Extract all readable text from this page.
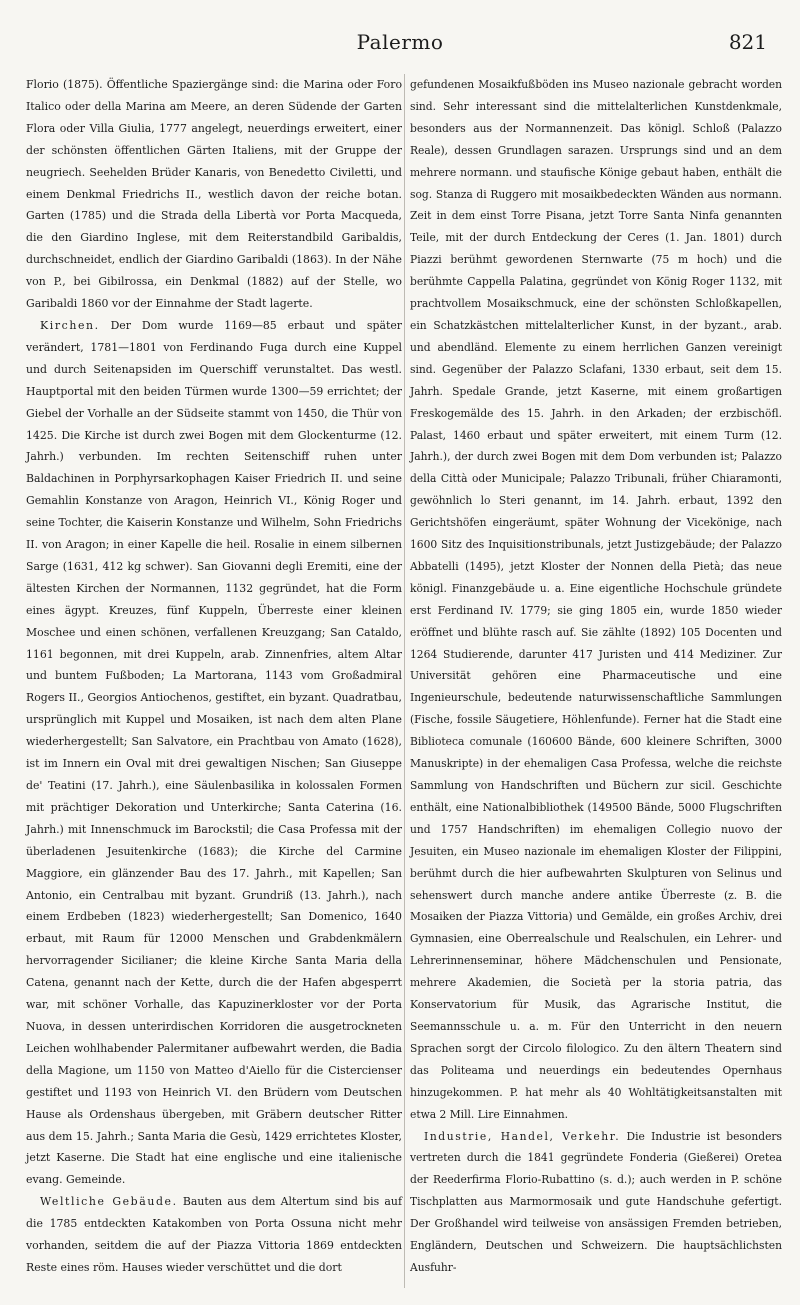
Palermo	821

Florio (1875). Öffentliche Spaziergänge sind: die Marina oder Foro Italico oder della Marina am Meere, an deren Südende der Garten Flora oder Villa Giulia, 1777 angelegt, neuerdings erweitert, einer der schönsten öffentlichen Gärten Italiens, mit der Gruppe der neugriech. Seehelden Brüder Kanaris, von Benedetto Civiletti, und einem Denkmal Friedrichs II., westlich davon der reiche botan. Garten (1785) und die Strada della Libertà vor Porta Macqueda, die den Giardino Inglese, mit dem Reiterstandbild Garibaldis, durchschneidet, endlich der Giardino Garibaldi (1863). In der Nähe von P., bei Gibilrossa, ein Denkmal (1882) auf der Stelle, wo Garibaldi 1860 vor der Einnahme der Stadt lagerte.

Kirchen. Der Dom wurde 1169—85 erbaut und später verändert, 1781—1801 von Ferdinando Fuga durch eine Kuppel und durch Seitenapsiden im Querschiff verunstaltet. Das westl. Hauptportal mit den beiden Türmen wurde 1300—59 errichtet; der Giebel der Vorhalle an der Südseite stammt von 1450, die Thür von 1425. Die Kirche ist durch zwei Bogen mit dem Glockenturme (12. Jahrh.) verbunden. Im rechten Seitenschiff ruhen unter Baldachinen in Porphyrsarkophagen Kaiser Friedrich II. und seine Gemahlin Konstanze von Aragon, Heinrich VI., König Roger und seine Tochter, die Kaiserin Konstanze und Wilhelm, Sohn Friedrichs II. von Aragon; in einer Kapelle die heil. Rosalie in einem silbernen Sarge (1631, 412 kg schwer). San Giovanni degli Eremiti, eine der ältesten Kirchen der Normannen, 1132 gegründet, hat die Form eines ägypt. Kreuzes, fünf Kuppeln, Überreste einer kleinen Moschee und einen schönen, verfallenen Kreuzgang; San Cataldo, 1161 begonnen, mit drei Kuppeln, arab. Zinnenfries, altem Altar und buntem Fußboden; La Martorana, 1143 vom Großadmiral Rogers II., Georgios Antiochenos, gestiftet, ein byzant. Quadratbau, ursprünglich mit Kuppel und Mosaiken, ist nach dem alten Plane wiederhergestellt; San Salvatore, ein Prachtbau von Amato (1628), ist im Innern ein Oval mit drei gewaltigen Nischen; San Giuseppe de' Teatini (17. Jahrh.), eine Säulenbasilika in kolossalen Formen mit prächtiger Dekoration und Unterkirche; Santa Caterina (16. Jahrh.) mit Innenschmuck im Barockstil; die Casa Professa mit der überladenen Jesuitenkirche (1683); die Kirche del Carmine Maggiore, ein glänzender Bau des 17. Jahrh., mit Kapellen; San Antonio, ein Centralbau mit byzant. Grundriß (13. Jahrh.), nach einem Erdbeben (1823) wiederhergestellt; San Domenico, 1640 erbaut, mit Raum für 12000 Menschen und Grabdenkmälern hervorragender Sicilianer; die kleine Kirche Santa Maria della Catena, genannt nach der Kette, durch die der Hafen abgesperrt war, mit schöner Vorhalle, das Kapuzinerkloster vor der Porta Nuova, in dessen unterirdischen Korridoren die ausgetrockneten Leichen wohlhabender Palermitaner aufbewahrt werden, die Badia della Magione, um 1150 von Matteo d'Aiello für die Cistercienser gestiftet und 1193 von Heinrich VI. den Brüdern vom Deutschen Hause als Ordenshaus übergeben, mit Gräbern deutscher Ritter aus dem 15. Jahrh.; Santa Maria die Gesù, 1429 errichtetes Kloster, jetzt Kaserne. Die Stadt hat eine englische und eine italienische evang. Gemeinde.

Weltliche Gebäude. Bauten aus dem Altertum sind bis auf die 1785 entdeckten Katakomben von Porta Ossuna nicht mehr vorhanden, seitdem die auf der Piazza Vittoria 1869 entdeckten Reste eines röm. Hauses wieder verschüttet und die dort

gefundenen Mosaikfußböden ins Museo nazionale gebracht worden sind. Sehr interessant sind die mittelalterlichen Kunstdenkmale, besonders aus der Normannenzeit. Das königl. Schloß (Palazzo Reale), dessen Grundlagen sarazen. Ursprungs sind und an dem mehrere normann. und staufische Könige gebaut haben, enthält die sog. Stanza di Ruggero mit mosaikbedeckten Wänden aus normann. Zeit in dem einst Torre Pisana, jetzt Torre Santa Ninfa genannten Teile, mit der durch Entdeckung der Ceres (1. Jan. 1801) durch Piazzi berühmt gewordenen Sternwarte (75 m hoch) und die berühmte Cappella Palatina, gegründet von König Roger 1132, mit prachtvollem Mosaikschmuck, eine der schönsten Schloßkapellen, ein Schatzkästchen mittelalterlicher Kunst, in der byzant., arab. und abendländ. Elemente zu einem herrlichen Ganzen vereinigt sind. Gegenüber der Palazzo Sclafani, 1330 erbaut, seit dem 15. Jahrh. Spedale Grande, jetzt Kaserne, mit einem großartigen Freskogemälde des 15. Jahrh. in den Arkaden; der erzbischöfl. Palast, 1460 erbaut und später erweitert, mit einem Turm (12. Jahrh.), der durch zwei Bogen mit dem Dom verbunden ist; Palazzo della Città oder Municipale; Palazzo Tribunali, früher Chiaramonti, gewöhnlich lo Steri genannt, im 14. Jahrh. erbaut, 1392 den Gerichtshöfen eingeräumt, später Wohnung der Vicekönige, nach 1600 Sitz des Inquisitionstribunals, jetzt Justizgebäude; der Palazzo Abbatelli (1495), jetzt Kloster der Nonnen della Pietà; das neue königl. Finanzgebäude u. a. Eine eigentliche Hochschule gründete erst Ferdinand IV. 1779; sie ging 1805 ein, wurde 1850 wieder eröffnet und blühte rasch auf. Sie zählte (1892) 105 Docenten und 1264 Studierende, darunter 417 Juristen und 414 Mediziner. Zur Universität gehören eine Pharmaceutische und eine Ingenieurschule, bedeutende naturwissenschaftliche Sammlungen (Fische, fossile Säugetiere, Höhlenfunde). Ferner hat die Stadt eine Biblioteca comunale (160600 Bände, 600 kleinere Schriften, 3000 Manuskripte) in der ehemaligen Casa Professa, welche die reichste Sammlung von Handschriften und Büchern zur sicil. Geschichte enthält, eine Nationalbibliothek (149500 Bände, 5000 Flugschriften und 1757 Handschriften) im ehemaligen Collegio nuovo der Jesuiten, ein Museo nazionale im ehemaligen Kloster der Filippini, berühmt durch die hier aufbewahrten Skulpturen von Selinus und sehenswert durch manche andere antike Überreste (z. B. die Mosaiken der Piazza Vittoria) und Gemälde, ein großes Archiv, drei Gymnasien, eine Oberrealschule und Realschulen, ein Lehrer- und Lehrerinnenseminar, höhere Mädchenschulen und Pensionate, mehrere Akademien, die Società per la storia patria, das Konservatorium für Musik, das Agrarische Institut, die Seemannsschule u. a. m. Für den Unterricht in den neuern Sprachen sorgt der Circolo filologico. Zu den ältern Theatern sind das Politeama und neuerdings ein bedeutendes Opernhaus hinzugekommen. P. hat mehr als 40 Wohltätigkeitsanstalten mit etwa 2 Mill. Lire Einnahmen.

Industrie, Handel, Verkehr. Die Industrie ist besonders vertreten durch die 1841 gegründete Fonderia (Gießerei) Oretea der Reederfirma Florio-Rubattino (s. d.); auch werden in P. schöne Tischplatten aus Marmormosaik und gute Handschuhe gefertigt. Der Großhandel wird teilweise von ansässigen Fremden betrieben, Engländern, Deutschen und Schweizern. Die hauptsächlichsten Ausfuhr-
